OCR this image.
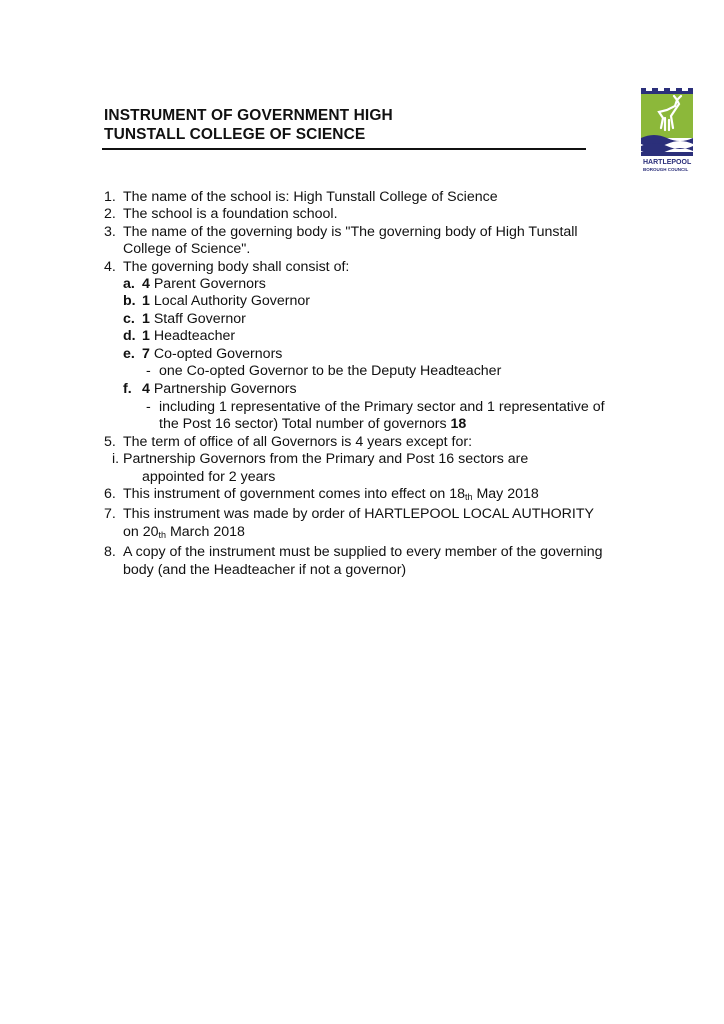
INSTRUMENT OF GOVERNMENT HIGH
TUNSTALL COLLEGE OF SCIENCE
HARTLEPOOL
BOROUGH COUNCIL
1. The name of the school is: High Tunstall College of Science
2. The school is a foundation school.
3. The name of the governing body is "The governing body of High Tunstall
College of Science".
4. The governing body shall consist of:
a. 4 Parent Governors
b. 1 Local Authority Governor
c. 1 Staff Governor
d. 1 Headteacher
e. 7 Co-opted Governors
- one Co-opted Governor to be the Deputy Headteacher
f. 4 Partnership Governors
- including 1 representative of the Primary sector and 1 representative of
the Post 16 sector) Total number of governors 18
5. The term of office of all Governors is 4 years except for:
i. Partnership Governors from the Primary and Post 16 sectors are
appointed for 2 years
6. This instrument of government comes into effect on 18th May 2018
7. This instrument was made by order of HARTLEPOOL LOCAL AUTHORITY
on 20th March 2018
8. A copy of the instrument must be supplied to every member of the governing
body (and the Headteacher if not a governor)
